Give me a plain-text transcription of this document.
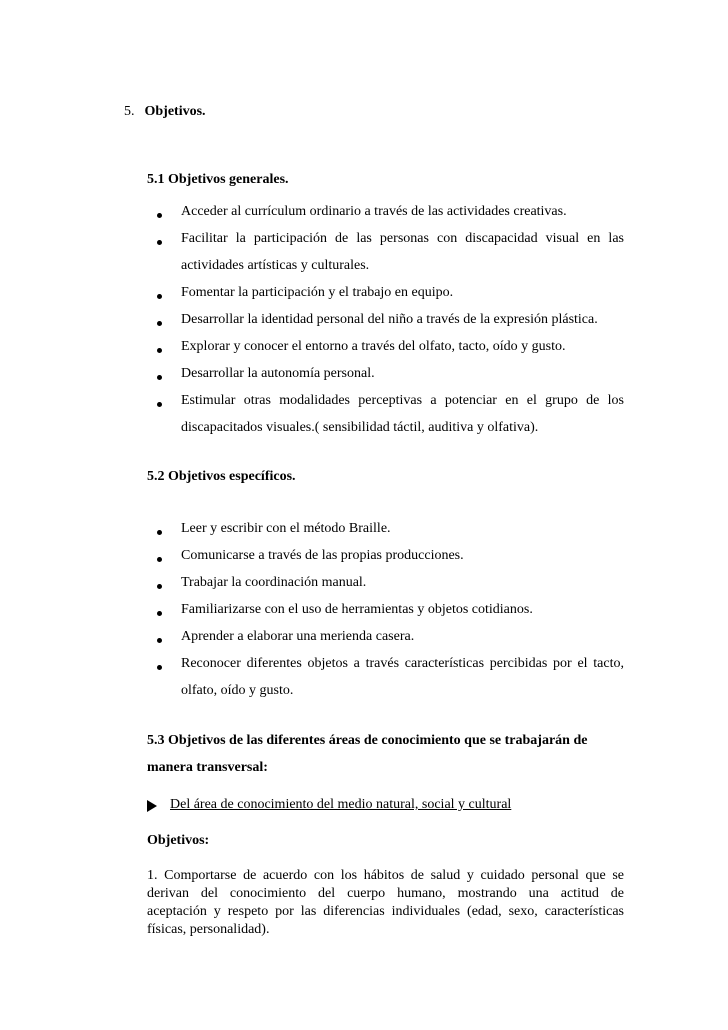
5. Objetivos.
5.1 Objetivos generales.
Acceder al currículum ordinario a través de las actividades creativas.
Facilitar la participación de las personas con discapacidad visual en las
actividades artísticas y culturales.
Fomentar la participación y el trabajo en equipo.
Desarrollar la identidad personal del niño a través de la expresión plástica.
Explorar y conocer el entorno a través del olfato, tacto, oído y gusto.
Desarrollar la autonomía personal.
Estimular otras modalidades perceptivas a potenciar en el grupo de los
discapacitados visuales.( sensibilidad táctil, auditiva y olfativa).
5.2 Objetivos específicos.
Leer y escribir con el método Braille.
Comunicarse a través de las propias producciones.
Trabajar la coordinación manual.
Familiarizarse con el uso de herramientas y objetos cotidianos.
Aprender a elaborar una merienda casera.
Reconocer diferentes objetos a través características percibidas por el tacto,
olfato, oído y gusto.
5.3 Objetivos de las diferentes áreas de conocimiento que se trabajarán de
manera transversal:
Del área de conocimiento del medio natural, social y cultural
Objetivos:
1. Comportarse de acuerdo con los hábitos de salud y cuidado personal que se
derivan del conocimiento del cuerpo humano, mostrando una actitud de
aceptación y respeto por las diferencias individuales (edad, sexo, características
físicas, personalidad).
